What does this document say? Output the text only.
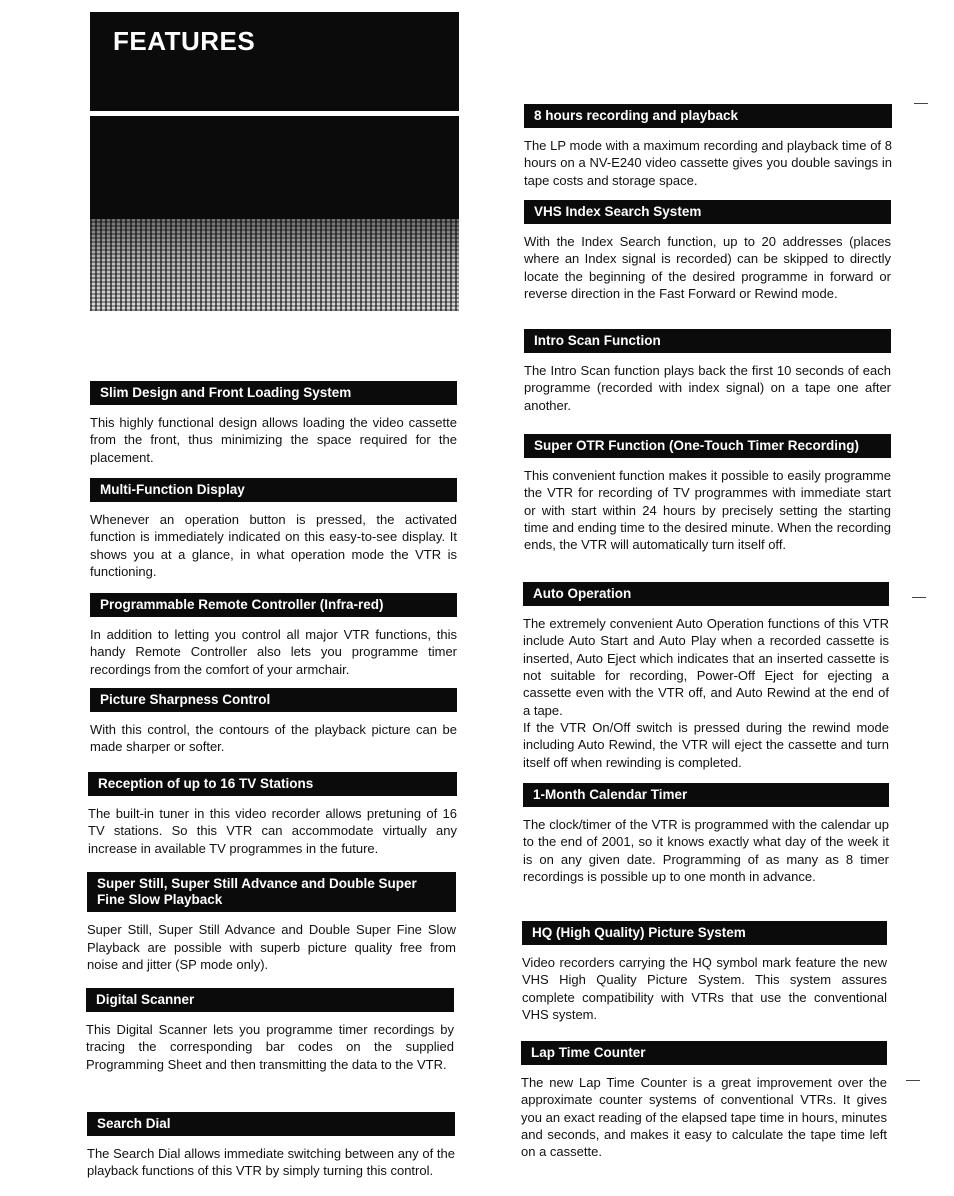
FEATURES
Slim Design and Front Loading System
This highly functional design allows loading the video cassette from the front, thus minimizing the space required for the placement.
Multi-Function Display
Whenever an operation button is pressed, the activated function is immediately indicated on this easy-to-see display. It shows you at a glance, in what operation mode the VTR is functioning.
Programmable Remote Controller (Infra-red)
In addition to letting you control all major VTR functions, this handy Remote Controller also lets you programme timer recordings from the comfort of your armchair.
Picture Sharpness Control
With this control, the contours of the playback picture can be made sharper or softer.
Reception of up to 16 TV Stations
The built-in tuner in this video recorder allows pretuning of 16 TV stations. So this VTR can accommodate virtually any increase in available TV programmes in the future.
Super Still, Super Still Advance and Double Super Fine Slow Playback
Super Still, Super Still Advance and Double Super Fine Slow Playback are possible with superb picture quality free from noise and jitter (SP mode only).
Digital Scanner
This Digital Scanner lets you programme timer recordings by tracing the corresponding bar codes on the supplied Programming Sheet and then transmitting the data to the VTR.
Search Dial
The Search Dial allows immediate switching between any of the playback functions of this VTR by simply turning this control.
8 hours recording and playback
The LP mode with a maximum recording and playback time of 8 hours on a NV-E240 video cassette gives you double savings in tape costs and storage space.
VHS Index Search System
With the Index Search function, up to 20 addresses (places where an Index signal is recorded) can be skipped to directly locate the beginning of the desired programme in forward or reverse direction in the Fast Forward or Rewind mode.
Intro Scan Function
The Intro Scan function plays back the first 10 seconds of each programme (recorded with index signal) on a tape one after another.
Super OTR Function (One-Touch Timer Recording)
This convenient function makes it possible to easily programme the VTR for recording of TV programmes with immediate start or with start within 24 hours by precisely setting the starting time and ending time to the desired minute. When the recording ends, the VTR will automatically turn itself off.
Auto Operation
The extremely convenient Auto Operation functions of this VTR include Auto Start and Auto Play when a recorded cassette is inserted, Auto Eject which indicates that an inserted cassette is not suitable for recording, Power-Off Eject for ejecting a cassette even with the VTR off, and Auto Rewind at the end of a tape.
If the VTR On/Off switch is pressed during the rewind mode including Auto Rewind, the VTR will eject the cassette and turn itself off when rewinding is completed.
1-Month Calendar Timer
The clock/timer of the VTR is programmed with the calendar up to the end of 2001, so it knows exactly what day of the week it is on any given date. Programming of as many as 8 timer recordings is possible up to one month in advance.
HQ (High Quality) Picture System
Video recorders carrying the HQ symbol mark feature the new VHS High Quality Picture System. This system assures complete compatibility with VTRs that use the conventional VHS system.
Lap Time Counter
The new Lap Time Counter is a great improvement over the approximate counter systems of conventional VTRs. It gives you an exact reading of the elapsed tape time in hours, minutes and seconds, and makes it easy to calculate the tape time left on a cassette.
